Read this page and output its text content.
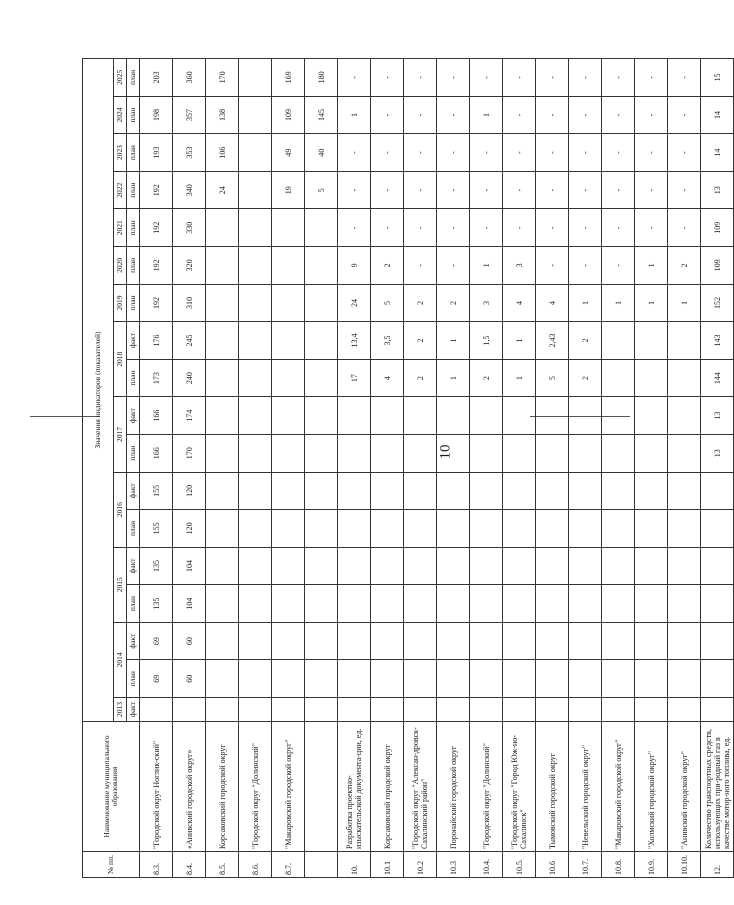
10
№ пп.	Наименование муниципального образования	Значения индикаторов (показателей)																	
		2013	2014		2015		2016		2017		2018		2019	2020	2021	2022	2023	2024	2025
		факт	план	факт	план	факт	план	факт	план	факт	план	факт	план	план	план	план	план	план	план
8.3.	"Городской округ Ноглик-ский"		69	69	135	135	155	155	166	166	173	176	192	192	192	192	193	198	203
8.4.	«Анивский городской округ»		60	60	104	104	120	120	170	174	240	245	310	320	330	340	353	357	360
8.5.	Корсаковский городской округ															24	106	138	170
8.6.	"Городской округ "Долинский"																		
8.7.	"Макаровский городской округ"															19	49	109	169
																5	40	145	180
10.	Разработка проектно-изыскательской документа-ции, ед.										17	13,4	24	9	-	-	-	1	-
10.1	Корсаковский городской округ										4	3,5	5	2	-	-	-	-	-
10.2	"Городской округ "Алексан-дровск-Сахалинский район"										2	2	2	-	-	-	-	-	-
10.3	Поронайский городской округ										1	1	2	-	-	-	-	-	-
10.4.	"Городской округ "Долинский"										2	1,5	3	1	-	-	-	1	-
10.5.	"Городской округ "Город Юж-но-Сахалинск"										1	1	4	3	-	-	-	-	-
10.6	Тымовский городской округ										5	2,43	4	-	-	-	-	-	-
10.7.	"Невельский городской округ"										2	2	1	-	-	-	-	-	-
10.8.	"Макаровский городской округ"												1	-	-	-	-	-	-
10.9.	"Холмский городской округ"												1	1	-	-	-	-	-
10.10.	"Анивский городской округ"												1	2	-	-	-	-	-
12.	Количество транспортных средств, использующих при-родный газ в качестве мотор-ного топлива, ед.								13	13	144	143	152	109	109	13	14	14	15
